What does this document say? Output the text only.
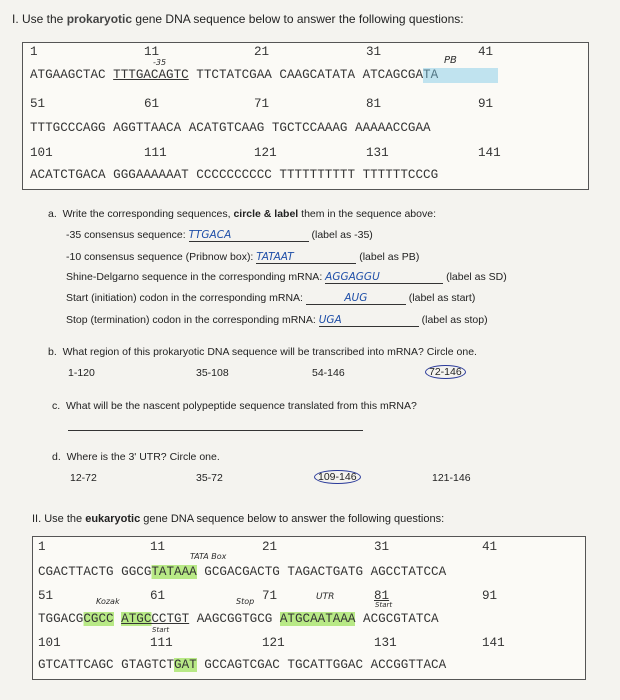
I. Use the prokaryotic gene DNA sequence below to answer the following questions:
1	11	21	31	41
-35	PB
ATGAAGCTAC TTTGACAGTC TTCTATCGAA CAAGCATATA ATCAGCGATA
51	61	71	81	91
TTTGCCCAGG AGGTTAACA ACATGTCAAG TGCTCCAAAG AAAAACCGAA
101	111	121	131	141
ACATCTGACA GGGAAAAAAT CCCCCCCCCC TTTTTTTTTT TTTTTTCCCG
a. Write the corresponding sequences, circle & label them in the sequence above:
-35 consensus sequence: TTGACA	(label as -35)
-10 consensus sequence (Pribnow box): TATAAT	(label as PB)
Shine-Delgarno sequence in the corresponding mRNA: AGGAGGU	(label as SD)
Start (initiation) codon in the corresponding mRNA:	AUG	(label as start)
Stop (termination) codon in the corresponding mRNA: UGA	(label as stop)
b. What region of this prokaryotic DNA sequence will be transcribed into mRNA? Circle one.
1-120	35-108	54-146	72-146
c. What will be the nascent polypeptide sequence translated from this mRNA?
d. Where is the 3' UTR? Circle one.
12-72	35-72	109-146	121-146
II. Use the eukaryotic gene DNA sequence below to answer the following questions:
1	11	21	31	41
TATA Box
CGACTTACTG GGCGTATAAA GCGACGACTG TAGACTGATG AGCCTATCCA
51	61	71	81	91
Kozak	Stop	UTR
Start
TGGACGCGCC ATGCCCTGT AAGCGGTGCG ATGCAATAAA ACGCGTATCA
Start
101	111	121	131	141
GTCATTCAGC GTAGTCTGAT GCCAGTCGAC TGCATTGGAC ACCGGTTACA
